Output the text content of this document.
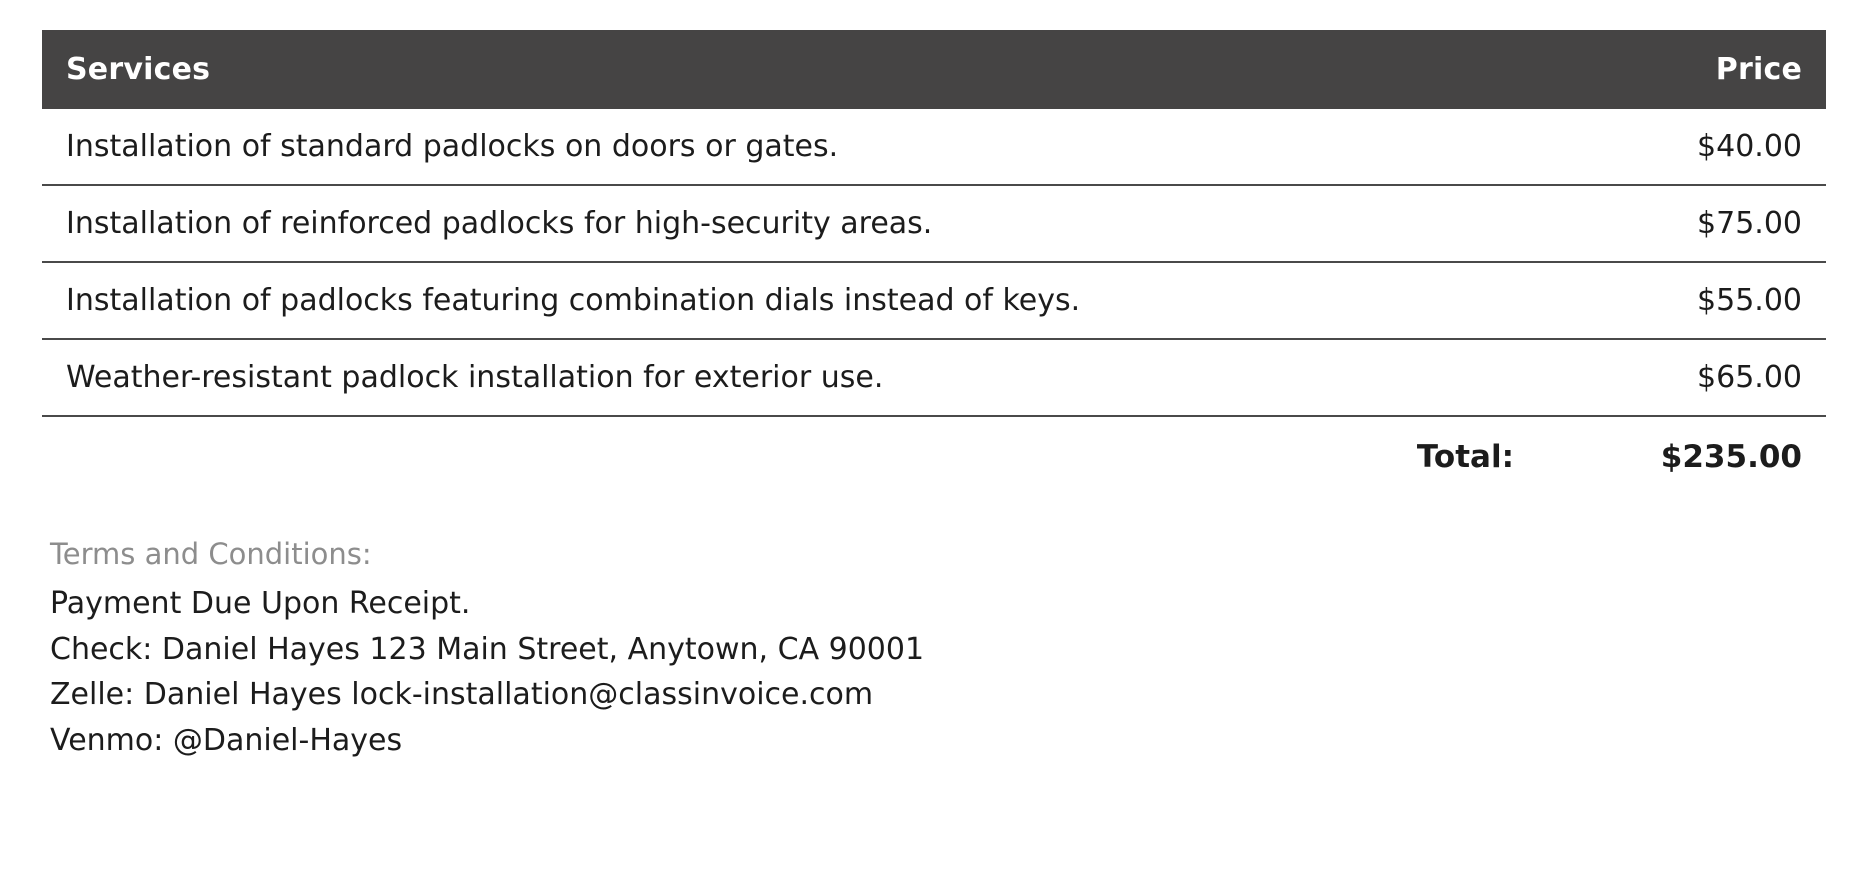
Services	Price
Installation of standard padlocks on doors or gates.	$40.00
Installation of reinforced padlocks for high-security areas.	$75.00
Installation of padlocks featuring combination dials instead of keys.	$55.00
Weather-resistant padlock installation for exterior use.	$65.00
Total:	$235.00
Terms and Conditions:
Payment Due Upon Receipt.
Check: Daniel Hayes 123 Main Street, Anytown, CA 90001
Zelle: Daniel Hayes lock-installation@classinvoice.com
Venmo: @Daniel-Hayes
